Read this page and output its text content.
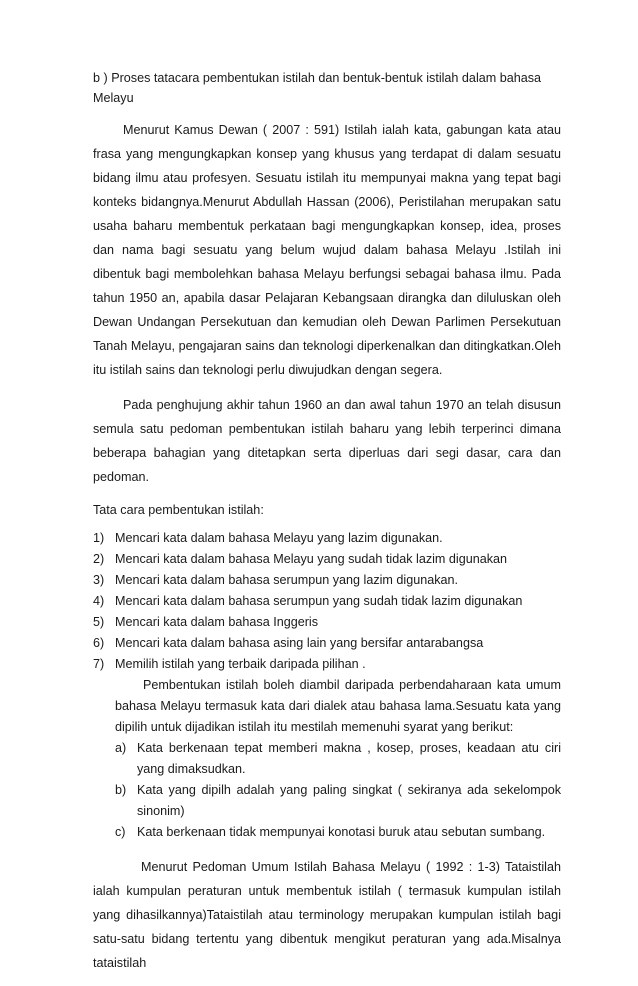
b ) Proses tatacara pembentukan istilah dan bentuk-bentuk istilah dalam bahasa Melayu

Menurut Kamus Dewan ( 2007 : 591) Istilah ialah kata, gabungan kata atau frasa yang mengungkapkan konsep yang khusus yang terdapat di dalam sesuatu bidang ilmu atau profesyen. Sesuatu istilah itu mempunyai makna yang tepat bagi konteks bidangnya.Menurut Abdullah Hassan (2006), Peristilahan merupakan satu usaha baharu membentuk perkataan bagi mengungkapkan konsep, idea, proses dan nama bagi sesuatu yang belum wujud dalam bahasa Melayu .Istilah ini dibentuk bagi membolehkan bahasa Melayu berfungsi sebagai bahasa ilmu. Pada tahun 1950 an, apabila dasar Pelajaran Kebangsaan dirangka dan diluluskan oleh Dewan Undangan Persekutuan dan kemudian oleh Dewan Parlimen Persekutuan Tanah Melayu, pengajaran sains dan teknologi diperkenalkan dan ditingkatkan.Oleh itu istilah sains dan teknologi perlu diwujudkan dengan segera.

Pada penghujung akhir tahun 1960 an dan awal tahun 1970 an telah disusun semula satu pedoman pembentukan istilah baharu yang lebih terperinci dimana beberapa bahagian yang ditetapkan serta diperluas dari segi dasar, cara dan pedoman.

Tata cara pembentukan istilah:
1) Mencari kata dalam bahasa Melayu yang lazim digunakan.
2) Mencari kata dalam bahasa Melayu yang sudah tidak lazim digunakan
3) Mencari kata dalam bahasa serumpun yang lazim digunakan.
4) Mencari kata dalam bahasa serumpun yang sudah tidak lazim digunakan
5) Mencari kata dalam bahasa Inggeris
6) Mencari kata dalam bahasa asing lain yang bersifar antarabangsa
7) Memilih istilah yang terbaik daripada pilihan .
Pembentukan istilah boleh diambil daripada perbendaharaan kata umum bahasa Melayu termasuk kata dari dialek atau bahasa lama.Sesuatu kata yang dipilih untuk dijadikan istilah itu mestilah memenuhi syarat yang berikut:
a) Kata berkenaan tepat memberi makna , kosep, proses, keadaan atu ciri yang dimaksudkan.
b) Kata yang dipilh adalah yang paling singkat ( sekiranya ada sekelompok sinonim)
c) Kata berkenaan tidak mempunyai konotasi buruk atau sebutan sumbang.

Menurut Pedoman Umum Istilah Bahasa Melayu ( 1992 : 1-3) Tataistilah ialah kumpulan peraturan untuk membentuk istilah ( termasuk kumpulan istilah yang dihasilkannya)Tataistilah atau terminology merupakan kumpulan istilah bagi satu-satu bidang tertentu yang dibentuk mengikut peraturan yang ada.Misalnya tataistilah
